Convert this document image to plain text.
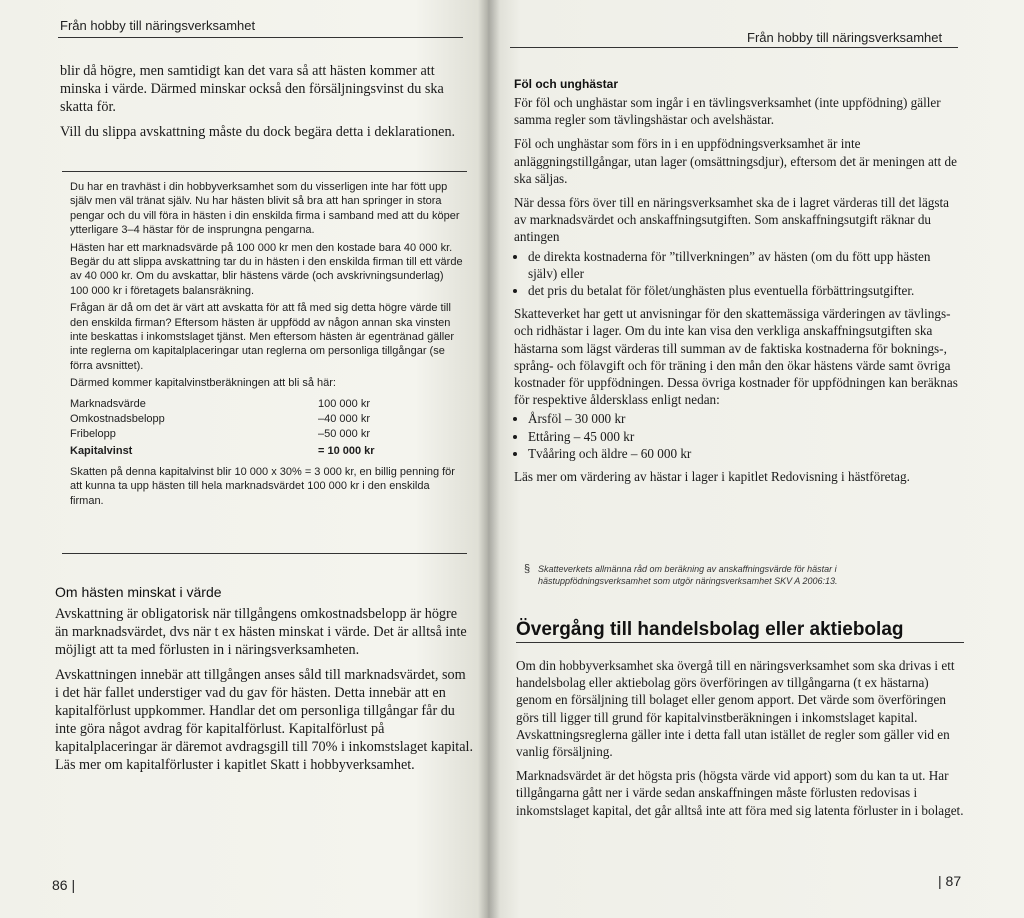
Från hobby till näringsverksamhet

blir då högre, men samtidigt kan det vara så att hästen kommer att minska i värde. Därmed minskar också den försäljningsvinst du ska skatta för.

Vill du slippa avskattning måste du dock begära detta i deklarationen.

Du har en travhäst i din hobbyverksamhet som du visserligen inte har fött upp själv men väl tränat själv. Nu har hästen blivit så bra att han springer in stora pengar och du vill föra in hästen i din enskilda firma i samband med att du köper ytterligare 3–4 hästar för de insprungna pengarna.

Hästen har ett marknadsvärde på 100 000 kr men den kostade bara 40 000 kr. Begär du att slippa avskattning tar du in hästen i den enskilda firman till ett värde av 40 000 kr. Om du avskattar, blir hästens värde (och avskrivningsunderlag) 100 000 kr i företagets balansräkning.

Frågan är då om det är värt att avskatta för att få med sig detta högre värde till den enskilda firman? Eftersom hästen är uppfödd av någon annan ska vinsten inte beskattas i inkomstslaget tjänst. Men eftersom hästen är egentränad gäller inte reglerna om kapitalplaceringar utan reglerna om personliga tillgångar (se förra avsnittet).

Därmed kommer kapitalvinstberäkningen att bli så här:

Marknadsvärde	100 000 kr
Omkostnadsbelopp	–40 000 kr
Fribelopp	–50 000 kr
Kapitalvinst	= 10 000 kr

Skatten på denna kapitalvinst blir 10 000 x 30% = 3 000 kr, en billig penning för att kunna ta upp hästen till hela marknadsvärdet 100 000 kr i den enskilda firman.

Om hästen minskat i värde

Avskattning är obligatorisk när tillgångens omkostnadsbelopp är högre än marknadsvärdet, dvs när t ex hästen minskat i värde. Det är alltså inte möjligt att ta med förlusten in i näringsverksamheten.

Avskattningen innebär att tillgången anses såld till marknadsvärdet, som i det här fallet understiger vad du gav för hästen. Detta innebär att en kapitalförlust uppkommer. Handlar det om personliga tillgångar får du inte göra något avdrag för kapitalförlust. Kapitalförlust på kapitalplaceringar är däremot avdragsgill till 70% i inkomstslaget kapital. Läs mer om kapitalförluster i kapitlet Skatt i hobbyverksamhet.

86 |
Från hobby till näringsverksamhet
Föl och unghästar

För föl och unghästar som ingår i en tävlingsverksamhet (inte uppfödning) gäller samma regler som tävlingshästar och avelshästar.

Föl och unghästar som förs in i en uppfödningsverksamhet är inte anläggningstillgångar, utan lager (omsättningsdjur), eftersom det är meningen att de ska säljas.

När dessa förs över till en näringsverksamhet ska de i lagret värderas till det lägsta av marknadsvärdet och anskaffningsutgiften. Som anskaffningsutgift räknar du antingen

• de direkta kostnaderna för ”tillverkningen” av hästen (om du fött upp hästen själv) eller
• det pris du betalat för fölet/unghästen plus eventuella förbättringsutgifter.

Skatteverket har gett ut anvisningar för den skattemässiga värderingen av tävlings- och ridhästar i lager. Om du inte kan visa den verkliga anskaffningsutgiften ska hästarna som lägst värderas till summan av de faktiska kostnaderna för boknings-, språng- och fölavgift och för träning i den mån den ökar hästens värde samt övriga kostnader för uppfödningen. Dessa övriga kostnader för uppfödningen kan beräknas för respektive åldersklass enligt nedan:

• Årsföl – 30 000 kr
• Ettåring – 45 000 kr
• Tvååring och äldre – 60 000 kr

Läs mer om värdering av hästar i lager i kapitlet Redovisning i hästföretag.

§ Skatteverkets allmänna råd om beräkning av anskaffningsvärde för hästar i hästuppfödningsverksamhet som utgör näringsverksamhet SKV A 2006:13.
Övergång till handelsbolag eller aktiebolag

Om din hobbyverksamhet ska övergå till en näringsverksamhet som ska drivas i ett handelsbolag eller aktiebolag görs överföringen av tillgångarna (t ex hästarna) genom en försäljning till bolaget eller genom apport. Det värde som överföringen görs till ligger till grund för kapitalvinstberäkningen i inkomstslaget kapital. Avskattningsreglerna gäller inte i detta fall utan istället de regler som gäller vid en vanlig försäljning.

Marknadsvärdet är det högsta pris (högsta värde vid apport) som du kan ta ut. Har tillgångarna gått ner i värde sedan anskaffningen måste förlusten redovisas i inkomstslaget kapital, det går alltså inte att föra med sig latenta förluster in i bolaget.

| 87
